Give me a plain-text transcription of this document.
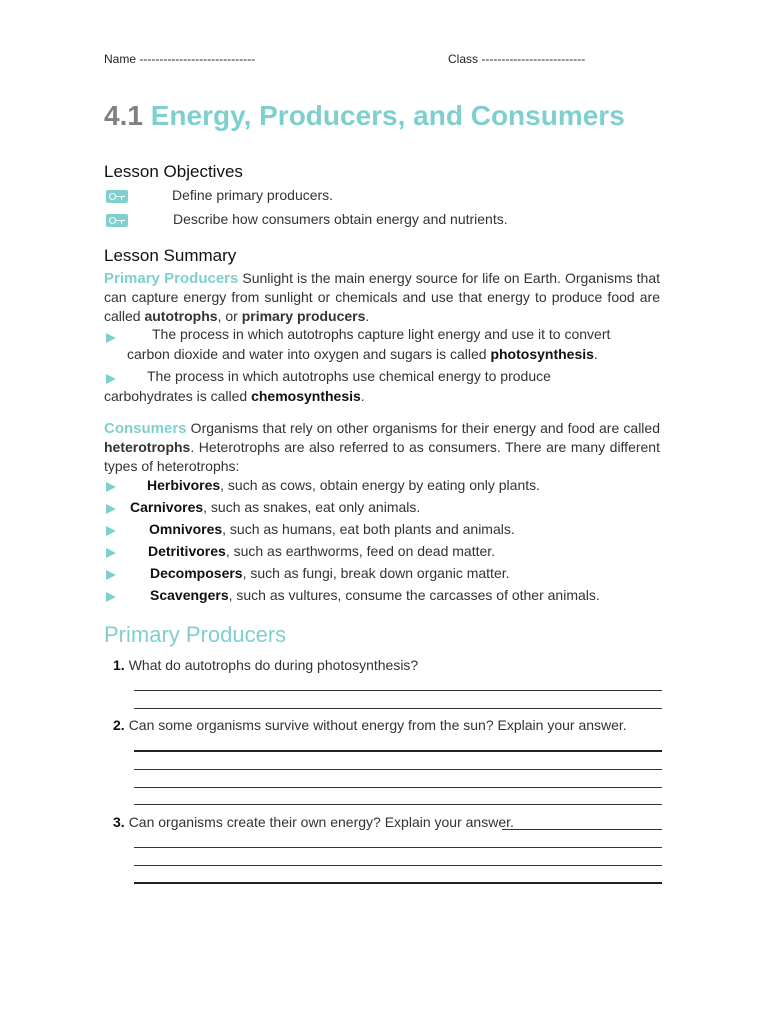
Name -----------------------------	Class --------------------------
4.1 Energy, Producers, and Consumers
Lesson Objectives
Define primary producers.
Describe how consumers obtain energy and nutrients.
Lesson Summary
Primary Producers Sunlight is the main energy source for life on Earth. Organisms that can capture energy from sunlight or chemicals and use that energy to produce food are called autotrophs, or primary producers.
The process in which autotrophs capture light energy and use it to convert
carbon dioxide and water into oxygen and sugars is called photosynthesis.
The process in which autotrophs use chemical energy to produce
carbohydrates is called chemosynthesis.
Consumers Organisms that rely on other organisms for their energy and food are called heterotrophs. Heterotrophs are also referred to as consumers. There are many different types of heterotrophs:
Herbivores, such as cows, obtain energy by eating only plants.
Carnivores, such as snakes, eat only animals.
Omnivores, such as humans, eat both plants and animals.
Detritivores, such as earthworms, feed on dead matter.
Decomposers, such as fungi, break down organic matter.
Scavengers, such as vultures, consume the carcasses of other animals.
Primary Producers
1. What do autotrophs do during photosynthesis?
2. Can some organisms survive without energy from the sun? Explain your answer.
3. Can organisms create their own energy? Explain your answer.
